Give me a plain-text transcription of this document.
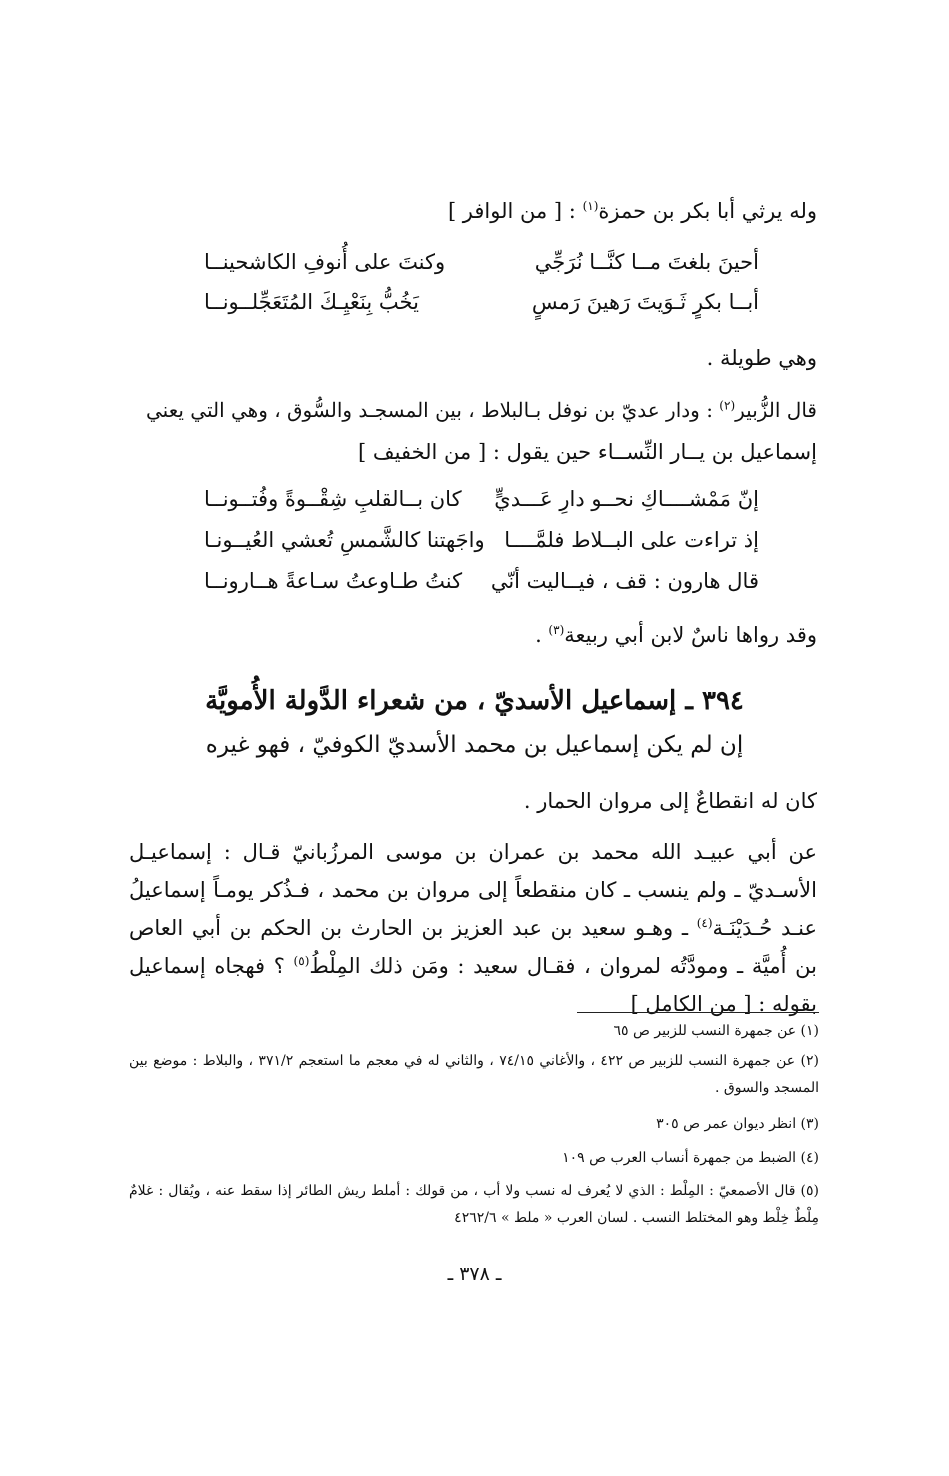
وله يرثي أبا بكر بن حمزة$^{(١)}$ : [ من الوافر ]
أحينَ بلغتَ مــا كنَّــا نُرَجِّي
وكنتَ على أُنوفِ الكاشحينــا
أبــا بكرٍ ثَـوَيتَ رَهينَ رَمسٍ
يَخُبُّ بِنَعْيِـكَ المُتَعَجِّلــونــا
وهي طويلة .
قال الزُّبير$^{(٢)}$ : ودار عديّ بن نوفل بـالبلاط ، بين المسجـد والسُّوق ، وهي التي يعني
إسماعيل بن يــار النِّســاء حين يقول : [ من الخفيف ]
إنّ مَمْشــــاكِ نحــو دارِ عَـــديٍّ
كان بــالقلبِ شِقْــوةً وفُتــونــا
إذ تراءت على البــلاط فلمَّــــا
واجَهتنا كالشَّمسِ تُعشي العُيــونـا
قال هارون : قف ، فيــاليت أنّي
كنتُ طـاوعتُ سـاعةً هــارونــا
وقد رواها ناسٌ لابن أبي ربيعة$^{(٣)}$ .
٣٩٤ ـ إسماعيل الأسديّ ، من شعراء الدَّولة الأُمويَّة
إن لم يكن إسماعيل بن محمد الأسديّ الكوفيّ ، فهو غيره
كان له انقطاعٌ إلى مروان الحمار .
عن أبي عبيـد الله محمد بن عمران بن موسى المرزُبانيّ قـال : إسماعيـل الأسـديّ ـ ولم ينسب ـ كان منقطعاً إلى مروان بن محمد ، فـذُكر يومـاً إسماعيلُ عنـد حُـدَيْنَـة$^{(٤)}$ ـ وهـو سعيد بن عبد العزيز بن الحارث بن الحكم بن أبي العاص بن أُميَّة ـ ومودَّتُه لمروان ، فقـال سعيد : ومَن ذلك المِلْطُ$^{(٥)}$ ؟ فهجاه إسماعيل بقوله : [ من الكامل ]
(١) عن جمهرة النسب للزبير ص ٦٥
(٢) عن جمهرة النسب للزبير ص ٤٢٢ ، والأغاني ٧٤/١٥ ، والثاني له في معجم ما استعجم ٣٧١/٢ ، والبلاط : موضع بين المسجد والسوق .
(٣) انظر ديوان عمر ص ٣٠٥
(٤) الضبط من جمهرة أنساب العرب ص ١٠٩
(٥) قال الأصمعيّ : المِلْط : الذي لا يُعرف له نسب ولا أب ، من قولك : أملط ريش الطائر إذا سقط عنه ، ويُقال : غلامٌ مِلْطٌ خِلْط وهو المختلط النسب . لسان العرب « ملط » ٤٢٦٢/٦
ـ ٣٧٨ ـ
